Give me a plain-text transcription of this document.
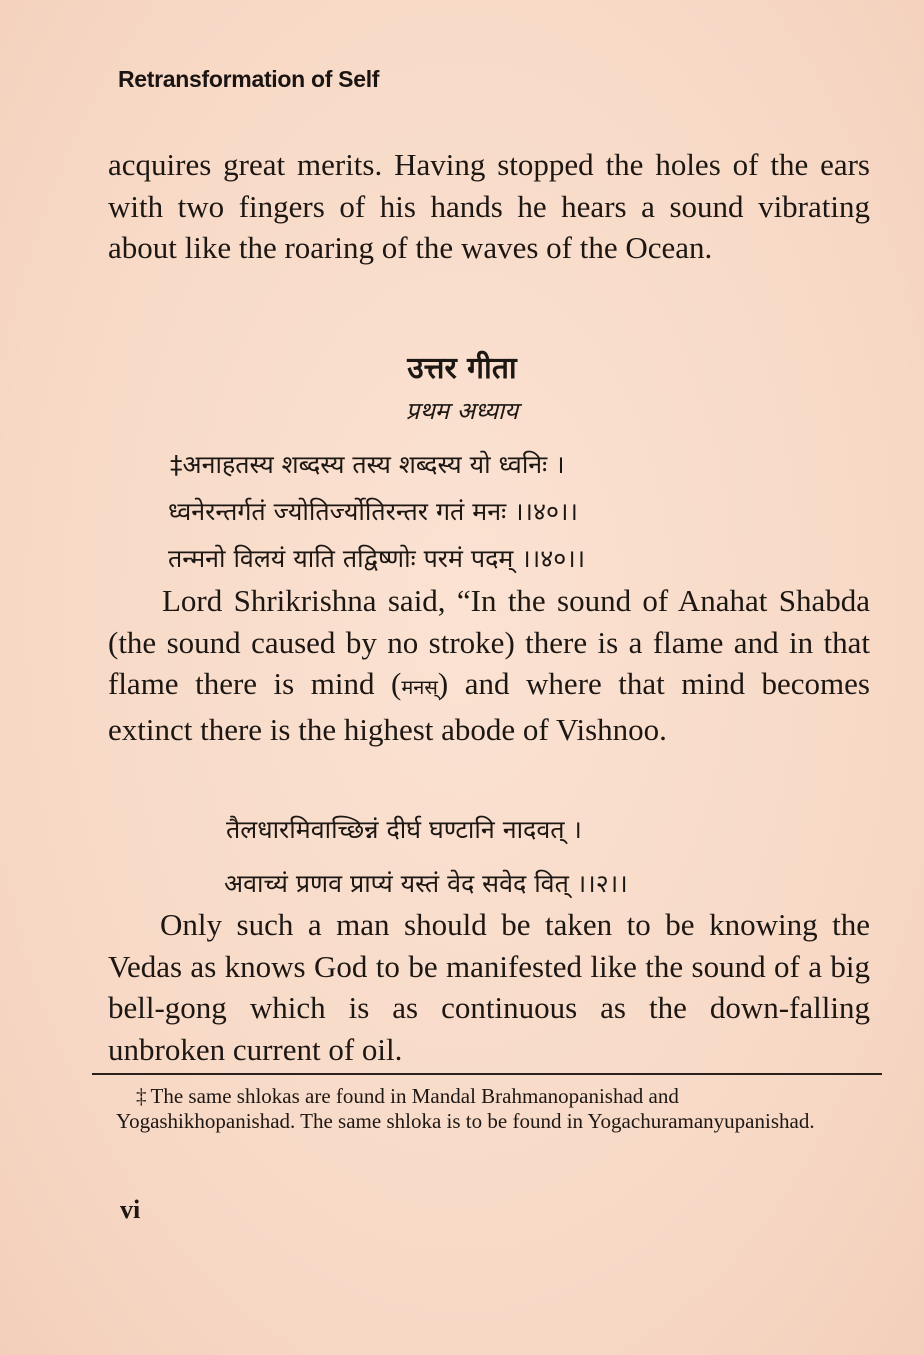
Retransformation of Self

acquires great merits. Having stopped the holes of the ears with two fingers of his hands he hears a sound vibrating about like the roaring of the waves of the Ocean.

उत्तर गीता

प्रथम अध्याय

‡अनाहतस्य शब्दस्य तस्य शब्दस्य यो ध्वनिः ।

ध्वनेरन्तर्गतं ज्योतिर्ज्योतिरन्तर गतं मनः ।।४०।।

तन्मनो विलयं याति तद्विष्णोः परमं पदम् ।।४०।।

Lord Shrikrishna said, “In the sound of Anahat Shabda (the sound caused by no stroke) there is a flame and in that flame there is mind (मनस्) and where that mind becomes extinct there is the highest abode of Vishnoo.

तैलधारमिवाच्छिन्नं दीर्घ घण्टानि नादवत् ।

अवाच्यं प्रणव प्राप्यं यस्तं वेद सवेद वित् ।।२।।

Only such a man should be taken to be knowing the Vedas as knows God to be manifested like the sound of a big bell-gong which is as continuous as the down-falling unbroken current of oil.

‡ The same shlokas are found in Mandal Brahmanopanishad and Yogashikhopanishad. The same shloka is to be found in Yogachuramanyupanishad.

vi
